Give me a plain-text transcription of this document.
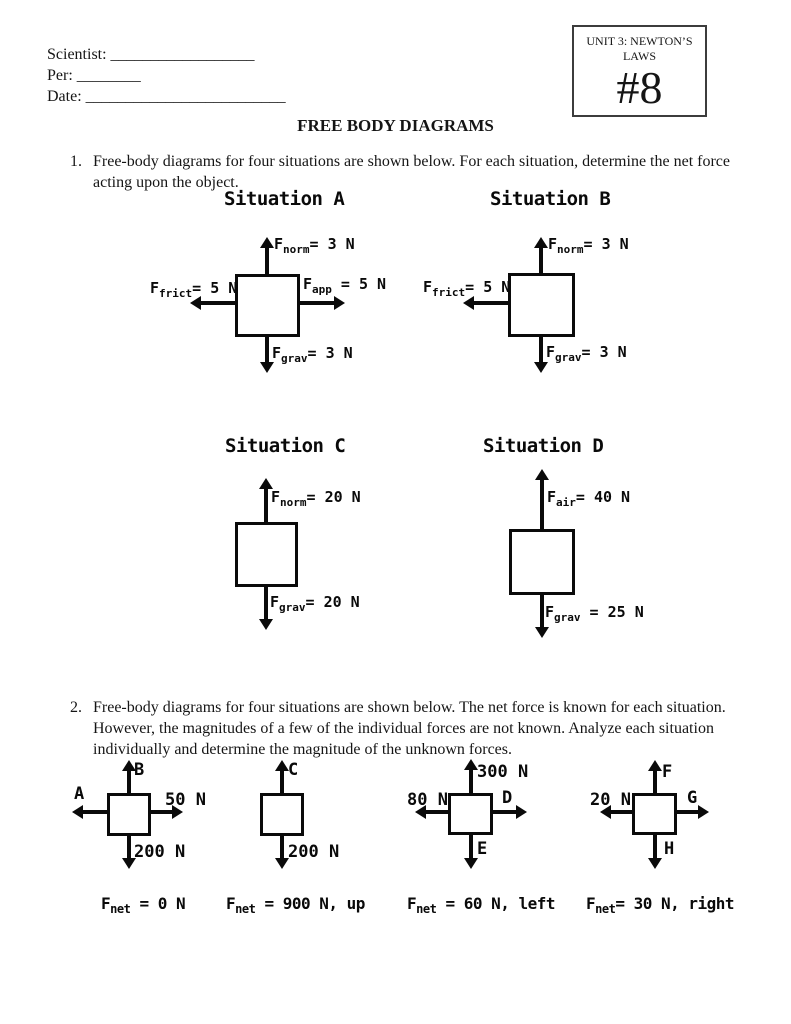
Scientist: __________________
Per: ________
Date: _________________________
UNIT 3: NEWTON’S
LAWS
#8
FREE BODY DIAGRAMS
1. Free-body diagrams for four situations are shown below. For each situation, determine the net force
acting upon the object.
Situation A
$F_{norm}= 3$ N
$F_{frict}= 5$ N	$F_{app} = 5$ N
$F_{grav}= 3$ N
Situation B
$F_{norm}= 3$ N
$F_{frict}= 5$ N
$F_{grav}= 3$ N
Situation C
$F_{norm}= 20$ N
$F_{grav}= 20$ N
Situation D
$F_{air}= 40$ N
$F_{grav} = 25$ N
2. Free-body diagrams for four situations are shown below. The net force is known for each situation.
However, the magnitudes of a few of the individual forces are not known. Analyze each situation
individually and determine the magnitude of the unknown forces.
B
A	50 N
200 N
$F_{net} = 0$ N
C
200 N
$F_{net} = 900$ N, up
300 N
80 N	D
E
$F_{net} = 60$ N, left
F
20 N	G
H
$F_{net}= 30$ N, right
